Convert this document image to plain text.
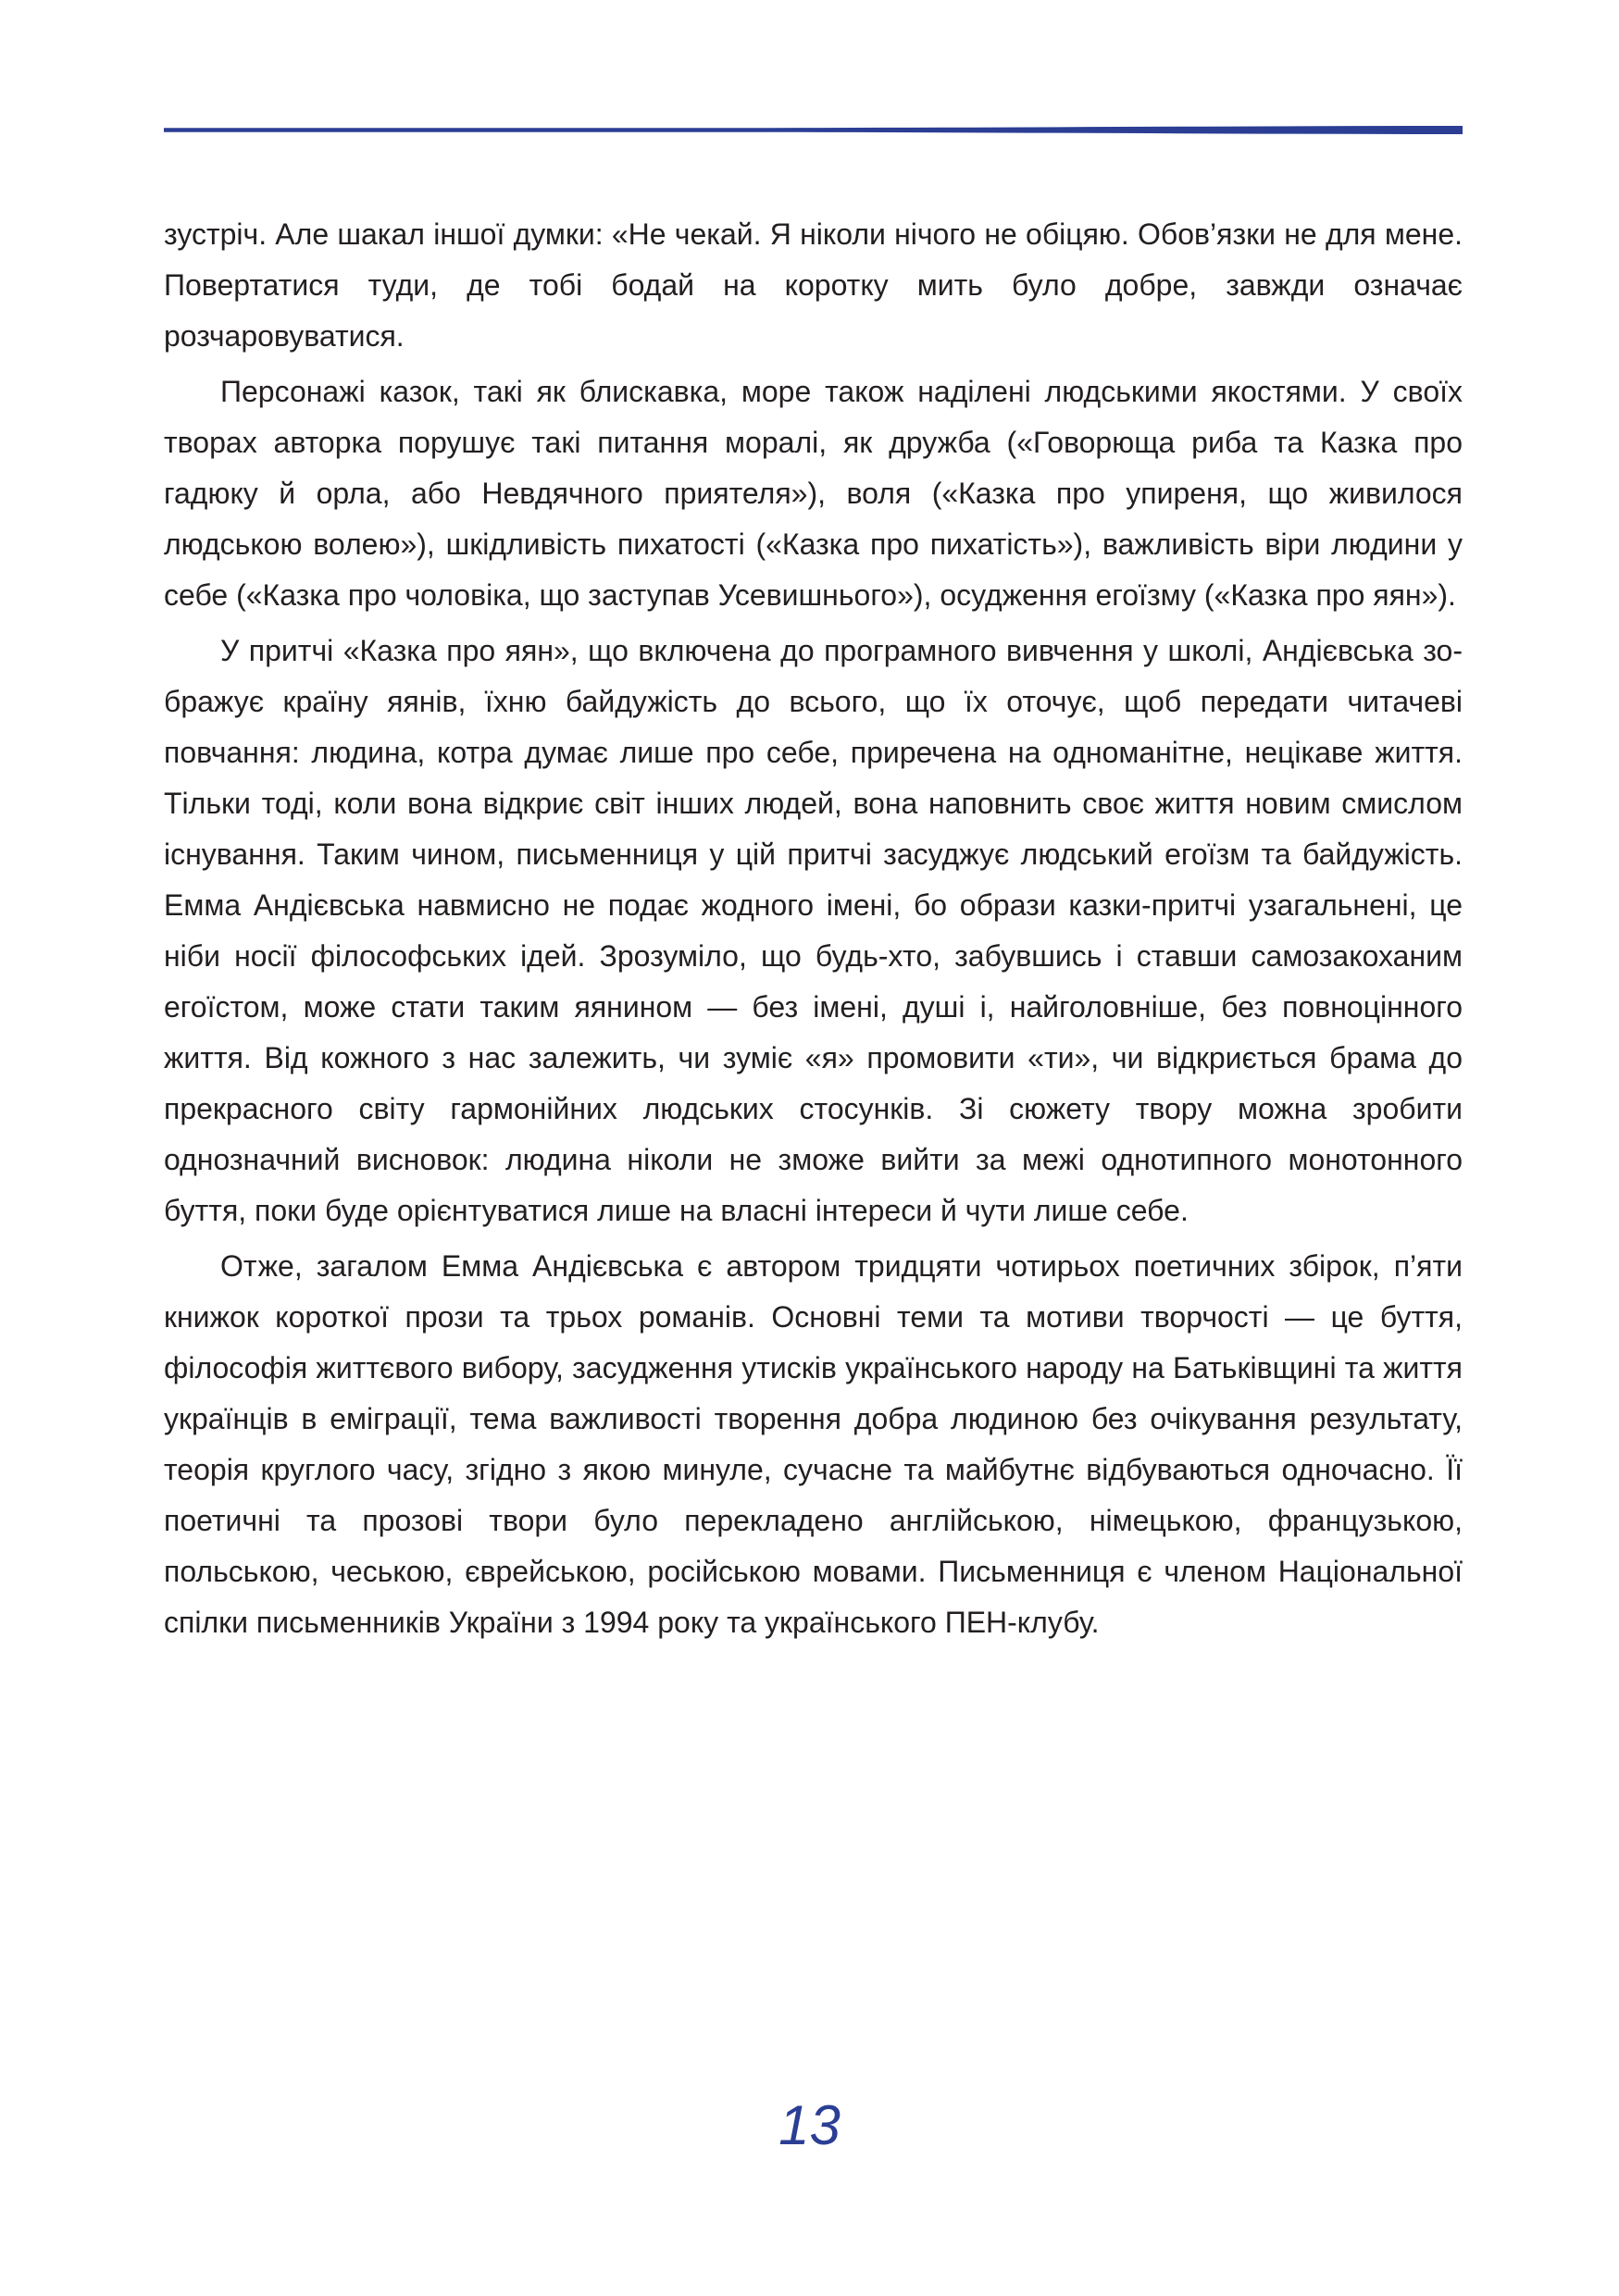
зустріч. Але шакал іншої думки: «Не чекай. Я ніколи нічого не обіцяю. Обов’язки не для мене. Повертатися туди, де тобі бодай на коротку мить було добре, завжди означає розчаровуватися.

Персонажі казок, такі як блискавка, море також наділені людськими якостями. У своїх творах авторка порушує такі питання моралі, як дружба («Говорюща риба та Казка про гадюку й орла, або Невдячного приятеля»), воля («Казка про упиреня, що живилося людською волею»), шкідливість пихатості («Казка про пихатість»), важливість віри людини у себе («Казка про чоловіка, що заступав Усевишнього»), осудження егоїзму («Казка про яян»).

У притчі «Казка про яян», що включена до програмного вивчення у школі, Андієвська зображує країну яянів, їхню байдужість до всього, що їх оточує, щоб передати читачеві повчання: людина, котра думає лише про себе, приречена на одноманітне, нецікаве життя. Тільки тоді, коли вона відкриє світ інших людей, вона наповнить своє життя новим смислом існування. Таким чином, письменниця у цій притчі засуджує людський егоїзм та байдужість. Емма Андієвська навмисно не подає жодного імені, бо образи казки-притчі узагальнені, це ніби носії філософських ідей. Зрозуміло, що будь-хто, забувшись і ставши самозакоханим егоїстом, може стати таким яянином — без імені, душі і, найголовніше, без повноцінного життя. Від кожного з нас залежить, чи зуміє «я» промовити «ти», чи відкриється брама до прекрасного світу гармонійних людських стосунків. Зі сюжету твору можна зробити однозначний висновок: людина ніколи не зможе вийти за межі однотипного монотонного буття, поки буде орієнтуватися лише на власні інтереси й чути лише себе.

Отже, загалом Емма Андієвська є автором тридцяти чотирьох поетичних збірок, п’яти книжок короткої прози та трьох романів. Основні теми та мотиви творчості — це буття, філософія життєвого вибору, засудження утисків українського народу на Батьківщині та життя українців в еміграції, тема важливості творення добра людиною без очікування результату, теорія круглого часу, згідно з якою минуле, сучасне та майбутнє відбуваються одночасно. Її поетичні та прозові твори було перекладено англійською, німецькою, французькою, польською, чеською, єврейською, російською мовами. Письменниця є членом Національної спілки письменників України з 1994 року та українського ПЕН-клубу.

13
